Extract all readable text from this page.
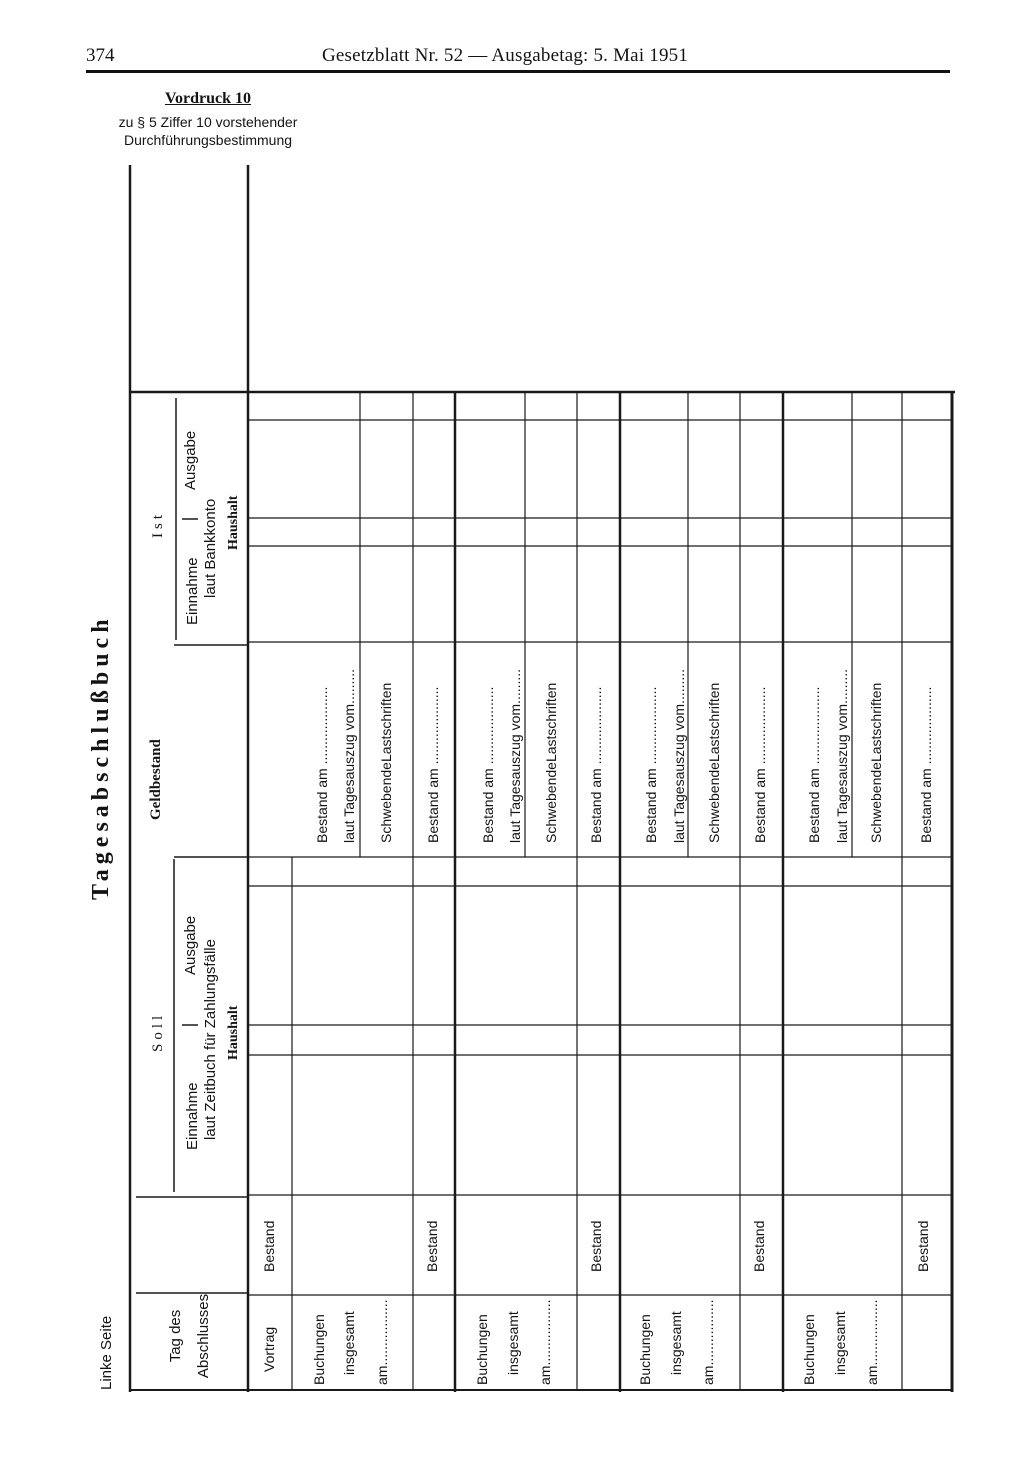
374	Gesetzblatt Nr. 52 — Ausgabetag: 5. Mai 1951
Vordruck 10
zu § 5 Ziffer 10 vorstehender
Durchführungsbestimmung
Linke Seite
Tagesabschlußbuch
Tag des Abschlusses
Soll
Einnahme
Ausgabe laut Zeitbuch für Zahlungsfälle Haushalt
Geldbestand
Ist
Einnahme
Ausgabe
laut Bankkonto Haushalt
Vortrag
Bestand
Buchungen insgesamt am.................
Bestand am .................... laut Tagesauszug vom......... SchwebendeLastschriften
Bestand
Bestand am ....................
Buchungen insgesamt am.................
Bestand am .................... laut Tagesauszug vom......... SchwebendeLastschriften
Bestand
Bestand am ....................
Buchungen insgesamt am.................
Bestand am .................... laut Tagesauszug vom......... SchwebendeLastschriften
Bestand
Bestand am ....................
Buchungen insgesamt am.................
Bestand am .................... laut Tagesauszug vom......... SchwebendeLastschriften
Bestand
Bestand am ....................
